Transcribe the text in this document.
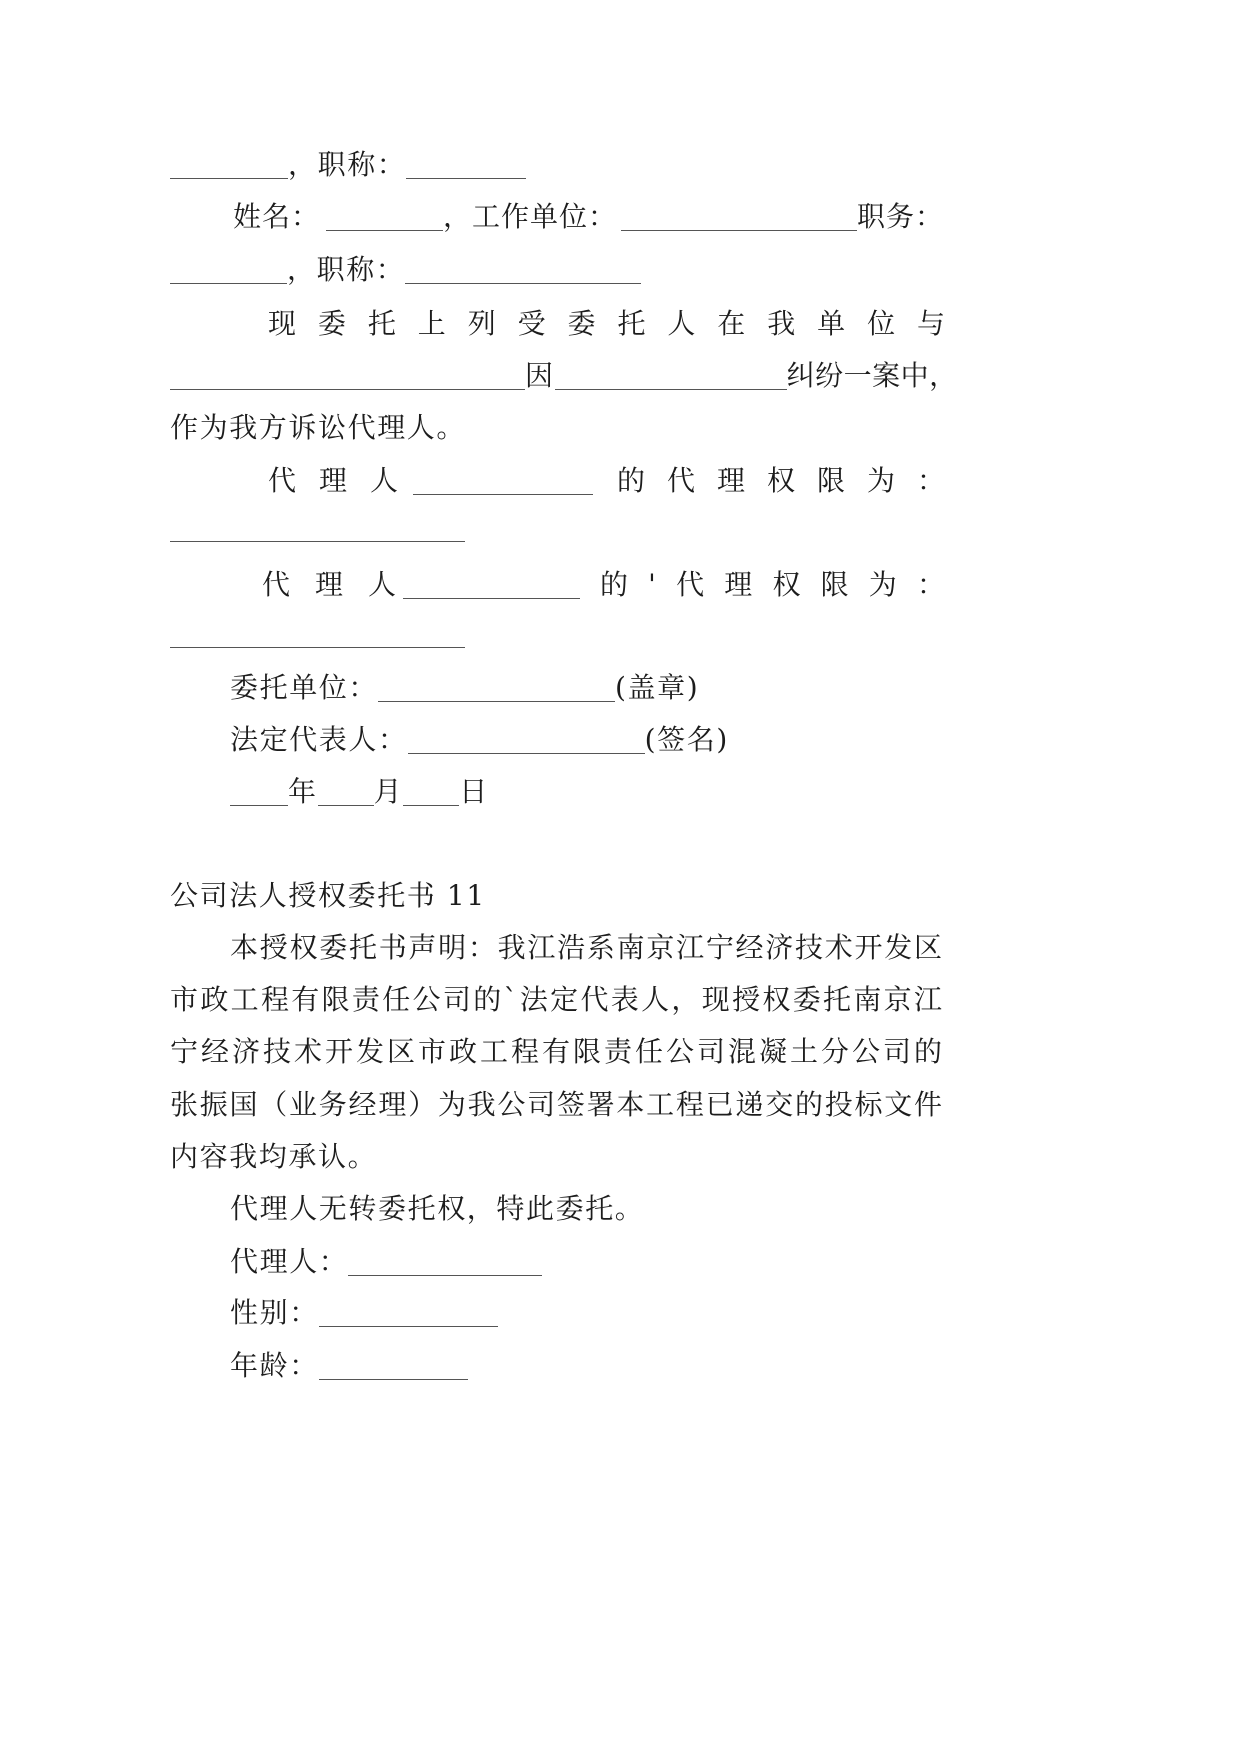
，职称：
姓名：	，工作单位：	职务：
，职称：
现委托上列受委托人在我单位与
因	纠纷一案中，
作为我方诉讼代理人。
代理人	的代理权限为：
代理人	的'代理权限为：
委托单位：	(盖章)
法定代表人：	(签名)
年 月 日
公司法人授权委托书 11
本授权委托书声明：我江浩系南京江宁经济技术开发区
市政工程有限责任公司的`法定代表人，现授权委托南京江
宁经济技术开发区市政工程有限责任公司混凝土分公司的
张振国（业务经理）为我公司签署本工程已递交的投标文件
内容我均承认。
代理人无转委托权，特此委托。
代理人：
性别：
年龄：
